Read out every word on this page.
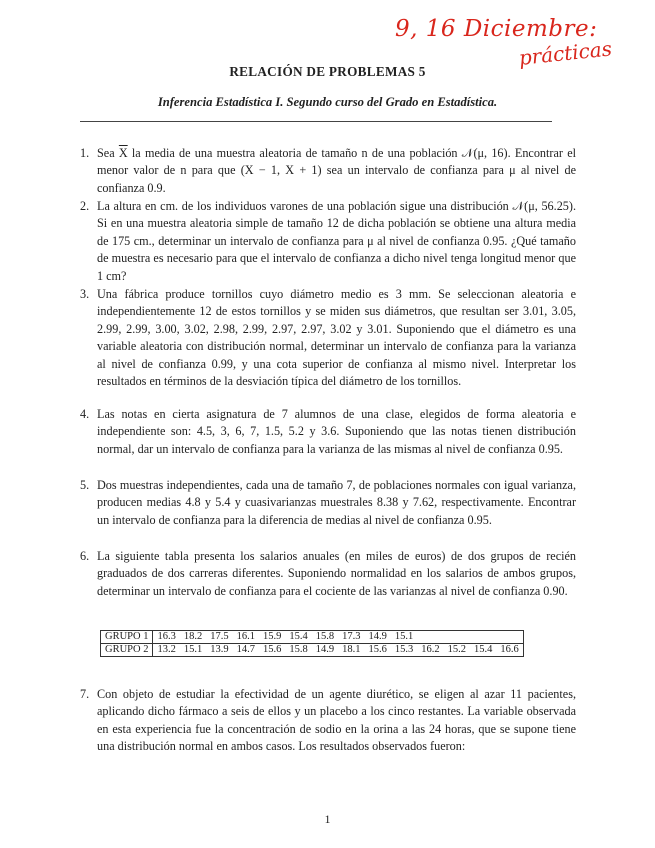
9, 16 Diciembre:
prácticas
RELACIÓN DE PROBLEMAS 5
Inferencia Estadística I. Segundo curso del Grado en Estadística.
1. Sea $\overline{X}$ la media de una muestra aleatoria de tamaño n de una población 𝒩(μ, 16). Encontrar el menor valor de n para que (X − 1, X + 1) sea un intervalo de confianza para μ al nivel de confianza 0.9.
2. La altura en cm. de los individuos varones de una población sigue una distribución 𝒩(μ, 56.25). Si en una muestra aleatoria simple de tamaño 12 de dicha población se obtiene una altura media de 175 cm., determinar un intervalo de confianza para μ al nivel de confianza 0.95. ¿Qué tamaño de muestra es necesario para que el intervalo de confianza a dicho nivel tenga longitud menor que 1 cm?
3. Una fábrica produce tornillos cuyo diámetro medio es 3 mm. Se seleccionan aleatoria e independientemente 12 de estos tornillos y se miden sus diámetros, que resultan ser 3.01, 3.05, 2.99, 2.99, 3.00, 3.02, 2.98, 2.99, 2.97, 2.97, 3.02 y 3.01. Suponiendo que el diámetro es una variable aleatoria con distribución normal, determinar un intervalo de confianza para la varianza al nivel de confianza 0.99, y una cota superior de confianza al mismo nivel. Interpretar los resultados en términos de la desviación típica del diámetro de los tornillos.
4. Las notas en cierta asignatura de 7 alumnos de una clase, elegidos de forma aleatoria e independiente son: 4.5, 3, 6, 7, 1.5, 5.2 y 3.6. Suponiendo que las notas tienen distribución normal, dar un intervalo de confianza para la varianza de las mismas al nivel de confianza 0.95.
5. Dos muestras independientes, cada una de tamaño 7, de poblaciones normales con igual varianza, producen medias 4.8 y 5.4 y cuasivarianzas muestrales 8.38 y 7.62, respectivamente. Encontrar un intervalo de confianza para la diferencia de medias al nivel de confianza 0.95.
6. La siguiente tabla presenta los salarios anuales (en miles de euros) de dos grupos de recién graduados de dos carreras diferentes. Suponiendo normalidad en los salarios de ambos grupos, determinar un intervalo de confianza para el cociente de las varianzas al nivel de confianza 0.90.
GRUPO 1	16.3	18.2	17.5	16.1	15.9	15.4	15.8	17.3	14.9	15.1				
GRUPO 2	13.2	15.1	13.9	14.7	15.6	15.8	14.9	18.1	15.6	15.3	16.2	15.2	15.4	16.6
7. Con objeto de estudiar la efectividad de un agente diurético, se eligen al azar 11 pacientes, aplicando dicho fármaco a seis de ellos y un placebo a los cinco restantes. La variable observada en esta experiencia fue la concentración de sodio en la orina a las 24 horas, que se supone tiene una distribución normal en ambos casos. Los resultados observados fueron:
1
